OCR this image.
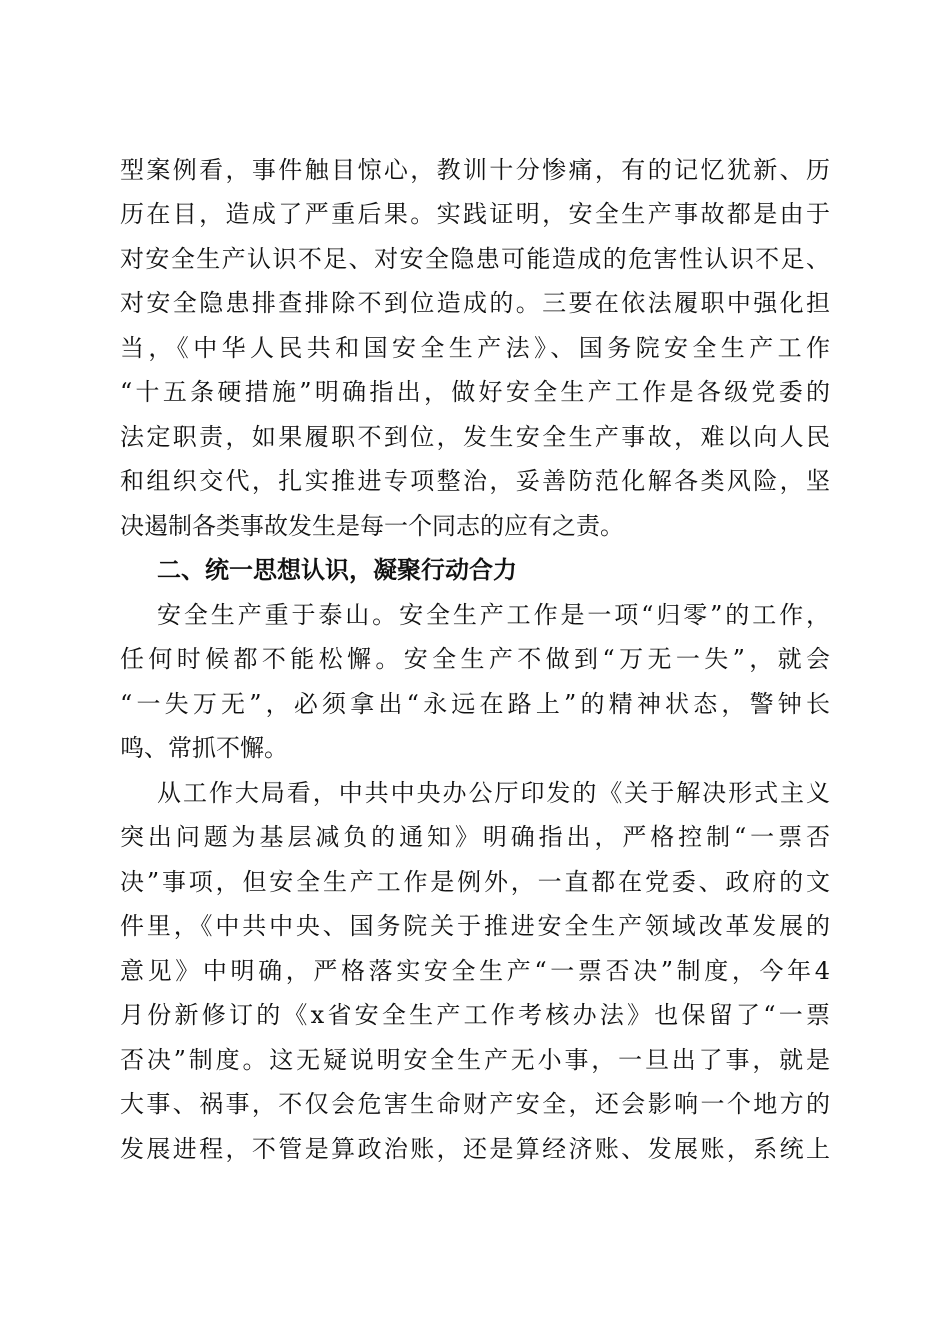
型案例看，事件触目惊心，教训十分惨痛，有的记忆犹新、历
历在目，造成了严重后果。实践证明，安全生产事故都是由于
对安全生产认识不足、对安全隐患可能造成的危害性认识不足、
对安全隐患排查排除不到位造成的。三要在依法履职中强化担
当，《中华人民共和国安全生产法》、国务院安全生产工作
“十五条硬措施”明确指出，做好安全生产工作是各级党委的
法定职责，如果履职不到位，发生安全生产事故，难以向人民
和组织交代，扎实推进专项整治，妥善防范化解各类风险，坚
决遏制各类事故发生是每一个同志的应有之责。
二、统一思想认识，凝聚行动合力
安全生产重于泰山。安全生产工作是一项“归零”的工作，
任何时候都不能松懈。安全生产不做到“万无一失”，就会
“一失万无”，必须拿出“永远在路上”的精神状态，警钟长
鸣、常抓不懈。
从工作大局看，中共中央办公厅印发的《关于解决形式主义
突出问题为基层减负的通知》明确指出，严格控制“一票否
决”事项，但安全生产工作是例外，一直都在党委、政府的文
件里，《中共中央、国务院关于推进安全生产领域改革发展的
意见》中明确，严格落实安全生产“一票否决”制度，今年4
月份新修订的《x省安全生产工作考核办法》也保留了“一票
否决”制度。这无疑说明安全生产无小事，一旦出了事，就是
大事、祸事，不仅会危害生命财产安全，还会影响一个地方的
发展进程，不管是算政治账，还是算经济账、发展账，系统上
